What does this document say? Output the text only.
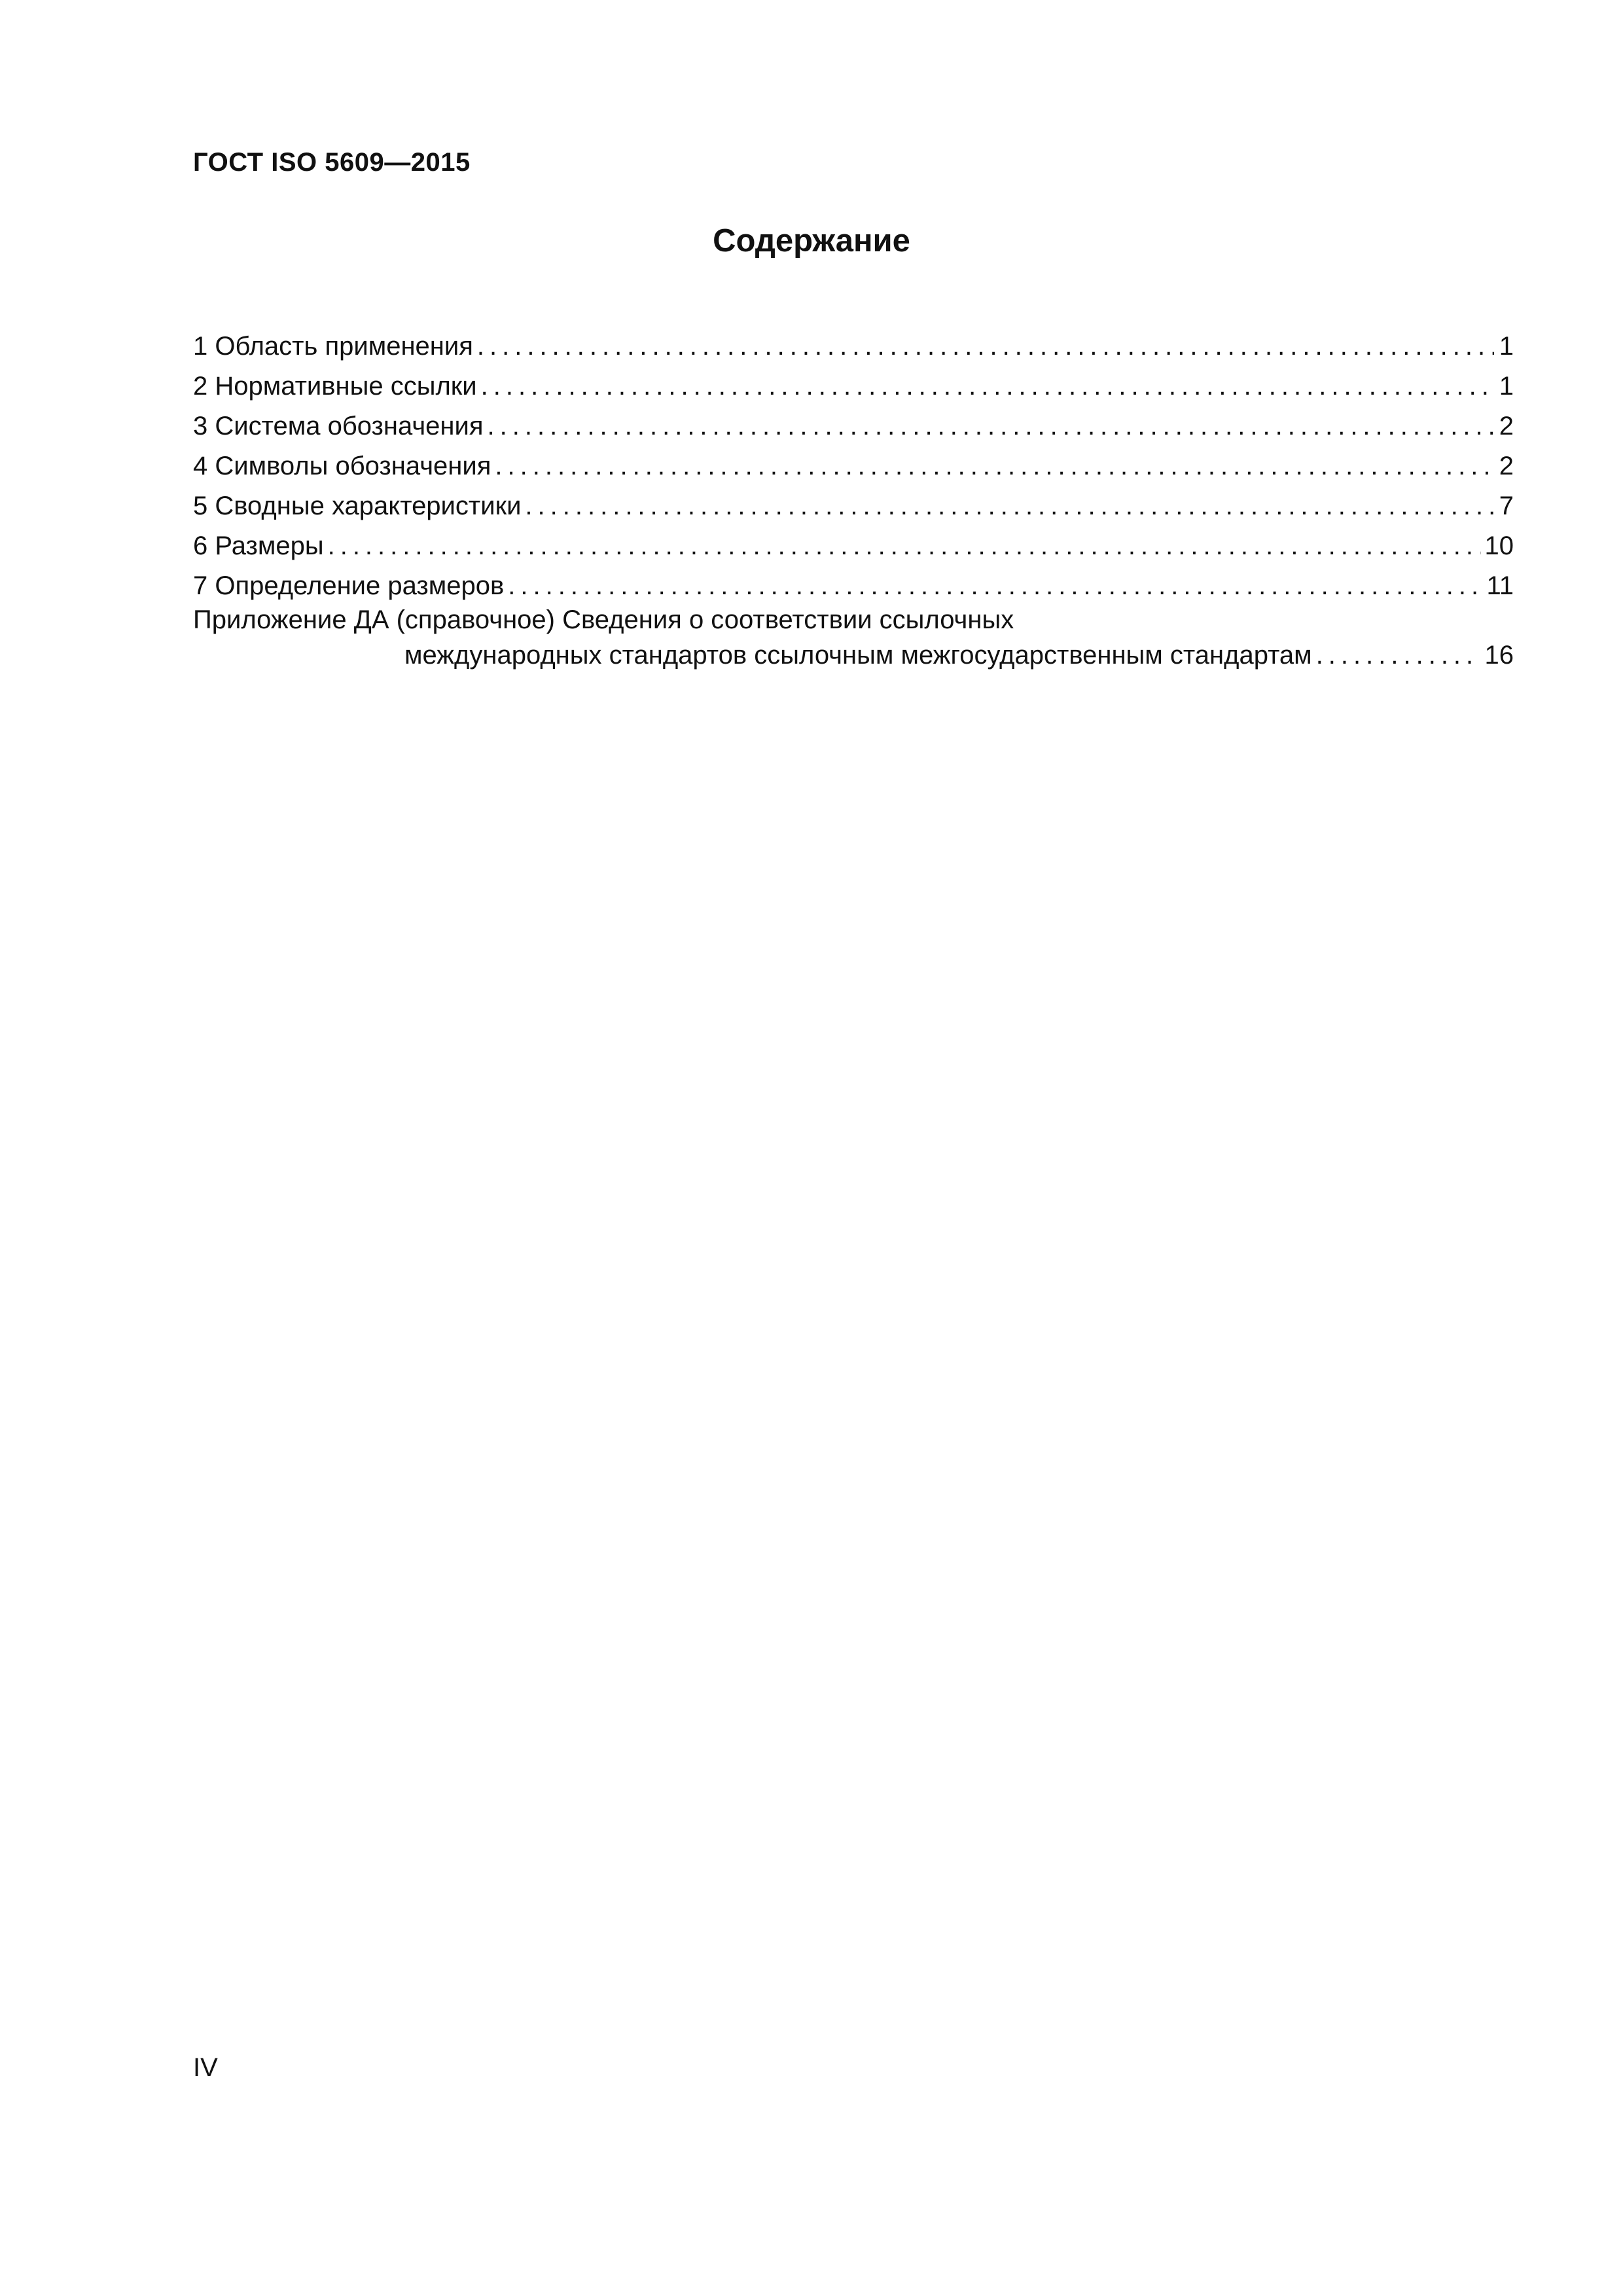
ГОСТ ISO 5609—2015
Содержание
1 Область применения .....	1
2 Нормативные ссылки .....	1
3 Система обозначения .....	2
4 Символы обозначения .....	2
5 Сводные характеристики .....	7
6 Размеры .....	10
7 Определение размеров .....	11
Приложение ДА (справочное) Сведения о соответствии ссылочных
международных стандартов ссылочным межгосударственным стандартам .....	16
IV
